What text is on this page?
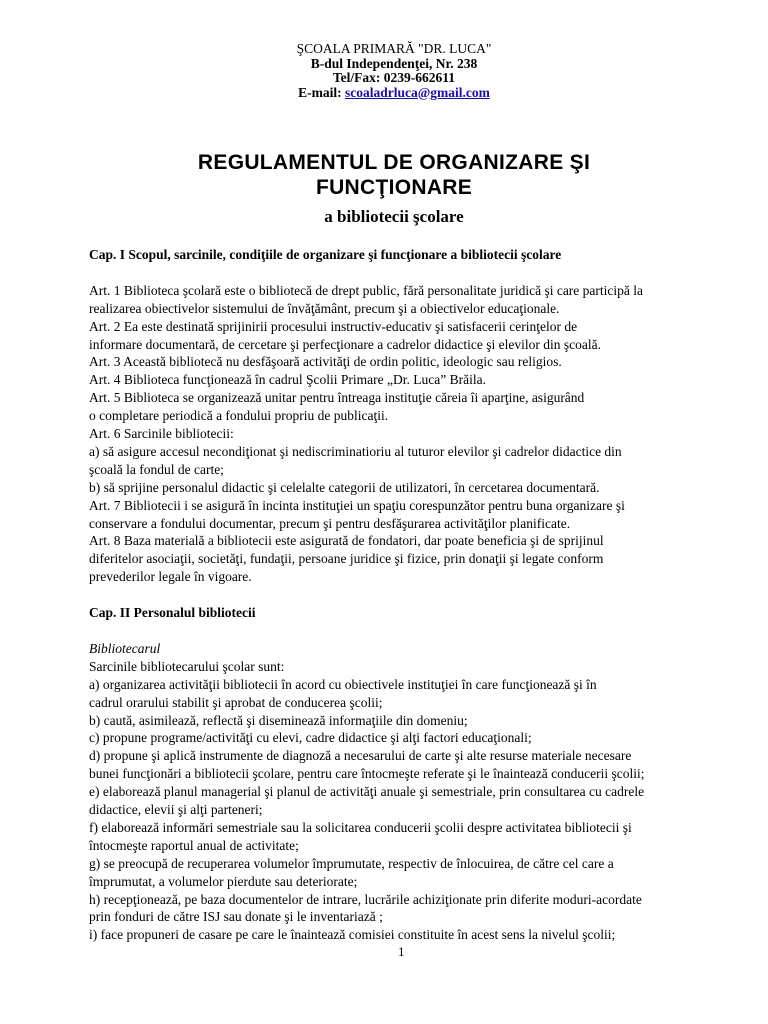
ŞCOALA PRIMARĂ "DR. LUCA"
B-dul Independenţei, Nr. 238
Tel/Fax: 0239-662611
E-mail: scoaladrluca@gmail.com
REGULAMENTUL DE ORGANIZARE ŞI
FUNCŢIONARE
a bibliotecii şcolare

Cap. I Scopul, sarcinile, condiţiile de organizare şi funcţionare a bibliotecii şcolare

Art. 1 Biblioteca şcolară este o bibliotecă de drept public, fără personalitate juridică şi care participă la

realizarea obiectivelor sistemului de învăţământ, precum şi a obiectivelor educaţionale.

Art. 2 Ea este destinată sprijinirii procesului instructiv-educativ şi satisfacerii cerinţelor de

informare documentară, de cercetare şi perfecţionare a cadrelor didactice şi elevilor din şcoală.

Art. 3 Această bibliotecă nu desfăşoară activităţi de ordin politic, ideologic sau religios.

Art. 4 Biblioteca funcţionează în cadrul Şcolii Primare „Dr. Luca” Brăila.

Art. 5 Biblioteca se organizează unitar pentru întreaga instituţie căreia îi aparţine, asigurând

o completare periodică a fondului propriu de publicaţii.

Art. 6 Sarcinile bibliotecii:

a) să asigure accesul necondiţionat şi nediscriminatioriu al tuturor elevilor şi cadrelor didactice din

şcoală la fondul de carte;

b) să sprijine personalul didactic şi celelalte categorii de utilizatori, în cercetarea documentară.

Art. 7 Bibliotecii i se asigură în incinta instituţiei un spaţiu corespunzător pentru buna organizare şi

conservare a fondului documentar, precum şi pentru desfăşurarea activităţilor planificate.

Art. 8 Baza materială a bibliotecii este asigurată de fondatori, dar poate beneficia şi de sprijinul

diferitelor asociaţii, societăţi, fundaţii, persoane juridice şi fizice, prin donaţii şi legate conform

prevederilor legale în vigoare.

Cap. II Personalul bibliotecii

Bibliotecarul

Sarcinile bibliotecarului şcolar sunt:

a) organizarea activităţii bibliotecii în acord cu obiectivele instituţiei în care funcţionează şi în

cadrul orarului stabilit şi aprobat de conducerea şcolii;

b) caută, asimilează, reflectă şi diseminează informaţiile din domeniu;

c) propune programe/activităţi cu elevi, cadre didactice şi alţi factori educaţionali;

d) propune şi aplică instrumente de diagnoză a necesarului de carte şi alte resurse materiale necesare

bunei funcţionări a bibliotecii şcolare, pentru care întocmeşte referate şi le înaintează conducerii şcolii;

e) elaborează planul managerial şi planul de activităţi anuale şi semestriale, prin consultarea cu cadrele

didactice, elevii şi alţi parteneri;

f) elaborează informări semestriale sau la solicitarea conducerii şcolii despre activitatea bibliotecii şi

întocmeşte raportul anual de activitate;

g) se preocupă de recuperarea volumelor împrumutate, respectiv de înlocuirea, de către cel care a

împrumutat, a volumelor pierdute sau deteriorate;

h) recepţionează, pe baza documentelor de intrare, lucrările achiziţionate prin diferite moduri-acordate

prin fonduri de către ISJ sau donate şi le inventariază ;

i) face propuneri de casare pe care le înaintează comisiei constituite în acest sens la nivelul şcolii;

1
